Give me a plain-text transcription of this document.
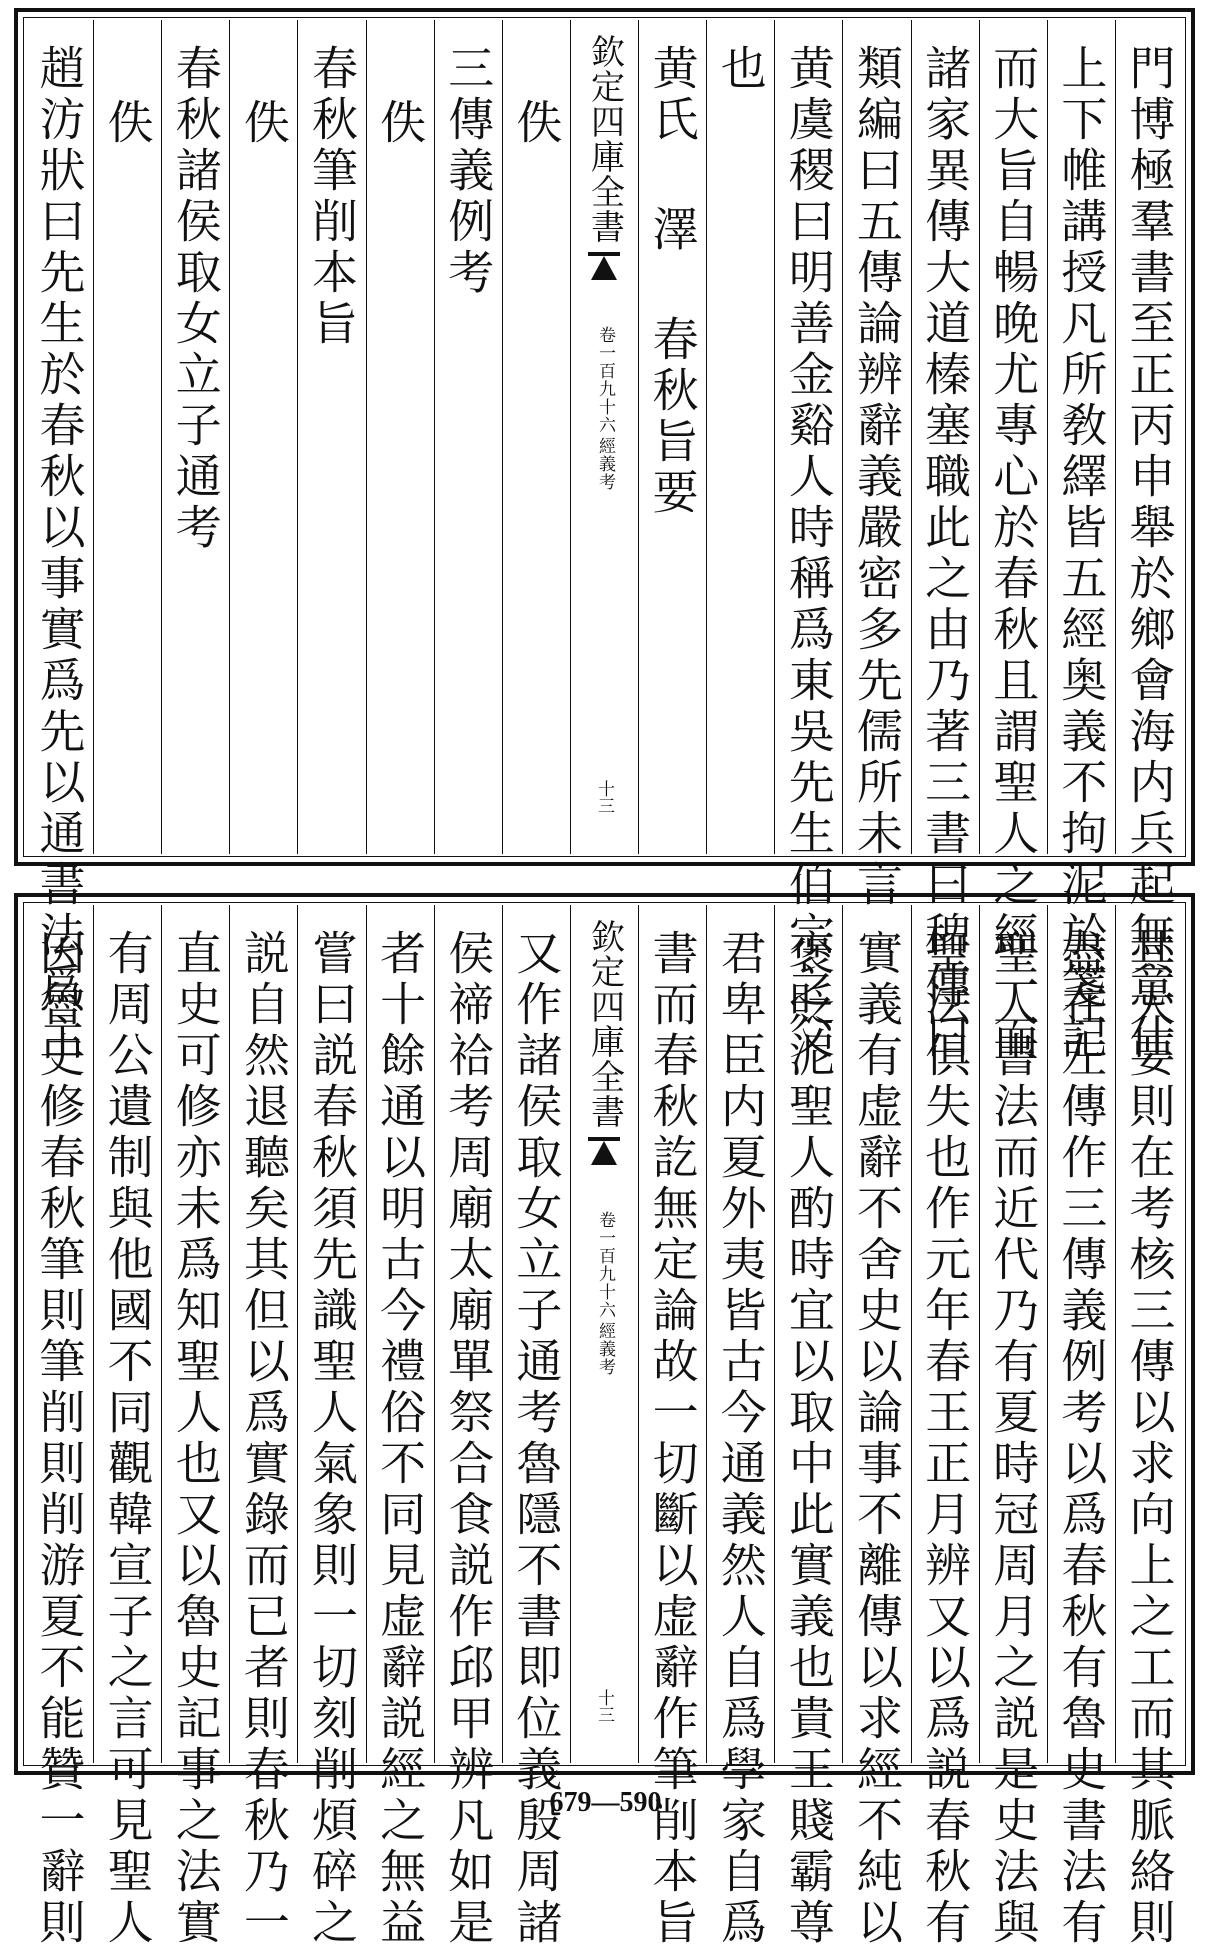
門博極羣書至正丙申舉於鄉會海内兵起無意仕
上下帷講授凡所敎繹皆五經奥義不拘泥於箋記
而大旨自暢晚尤專心於春秋且謂聖人之經一而
諸家異傳大道榛塞職此之由乃著三書曰稗傳曰
類編曰五傳論辨辭義嚴密多先儒所未言
黄虞稷曰明善金谿人時稱爲東吳先生伯宗之父
也
黄氏 澤 春秋旨要
欽定四庫全書
經義考
卷一百九十六
十三
佚
三傳義例考
佚
春秋筆削本旨
佚
春秋諸侯取女立子通考
佚
趙汸狀曰先生於春秋以事實爲先以通書法爲主
其大要則在考核三傳以求向上之工而其脈絡則
盡在左傳作三傳義例考以爲春秋有魯史書法有
聖人書法而近代乃有夏時冠周月之説是史法與
聖法俱失也作元年春王正月辨又以爲説春秋有
實義有虚辭不舍史以論事不離傳以求經不純以
褒貶泥聖人酌時宜以取中此實義也貴王賤霸尊
君卑臣内夏外夷皆古今通義然人自爲學家自爲
書而春秋訖無定論故一切斷以虚辭作筆削本旨
欽定四庫全書
經義考
卷一百九十六
十三
又作諸侯取女立子通考魯隱不書即位義殷周諸
侯禘祫考周廟太廟單祭合食説作邱甲辨凡如是
者十餘通以明古今禮俗不同見虚辭説經之無益
嘗曰説春秋須先識聖人氣象則一切刻削煩碎之
説自然退聽矣其但以爲實錄而已者則春秋乃一
直史可修亦未爲知聖人也又以魯史記事之法實
有周公遺制與他國不同觀韓宣子之言可見聖人
因魯史修春秋筆則筆削則削游夏不能贊一辭則	679—590
